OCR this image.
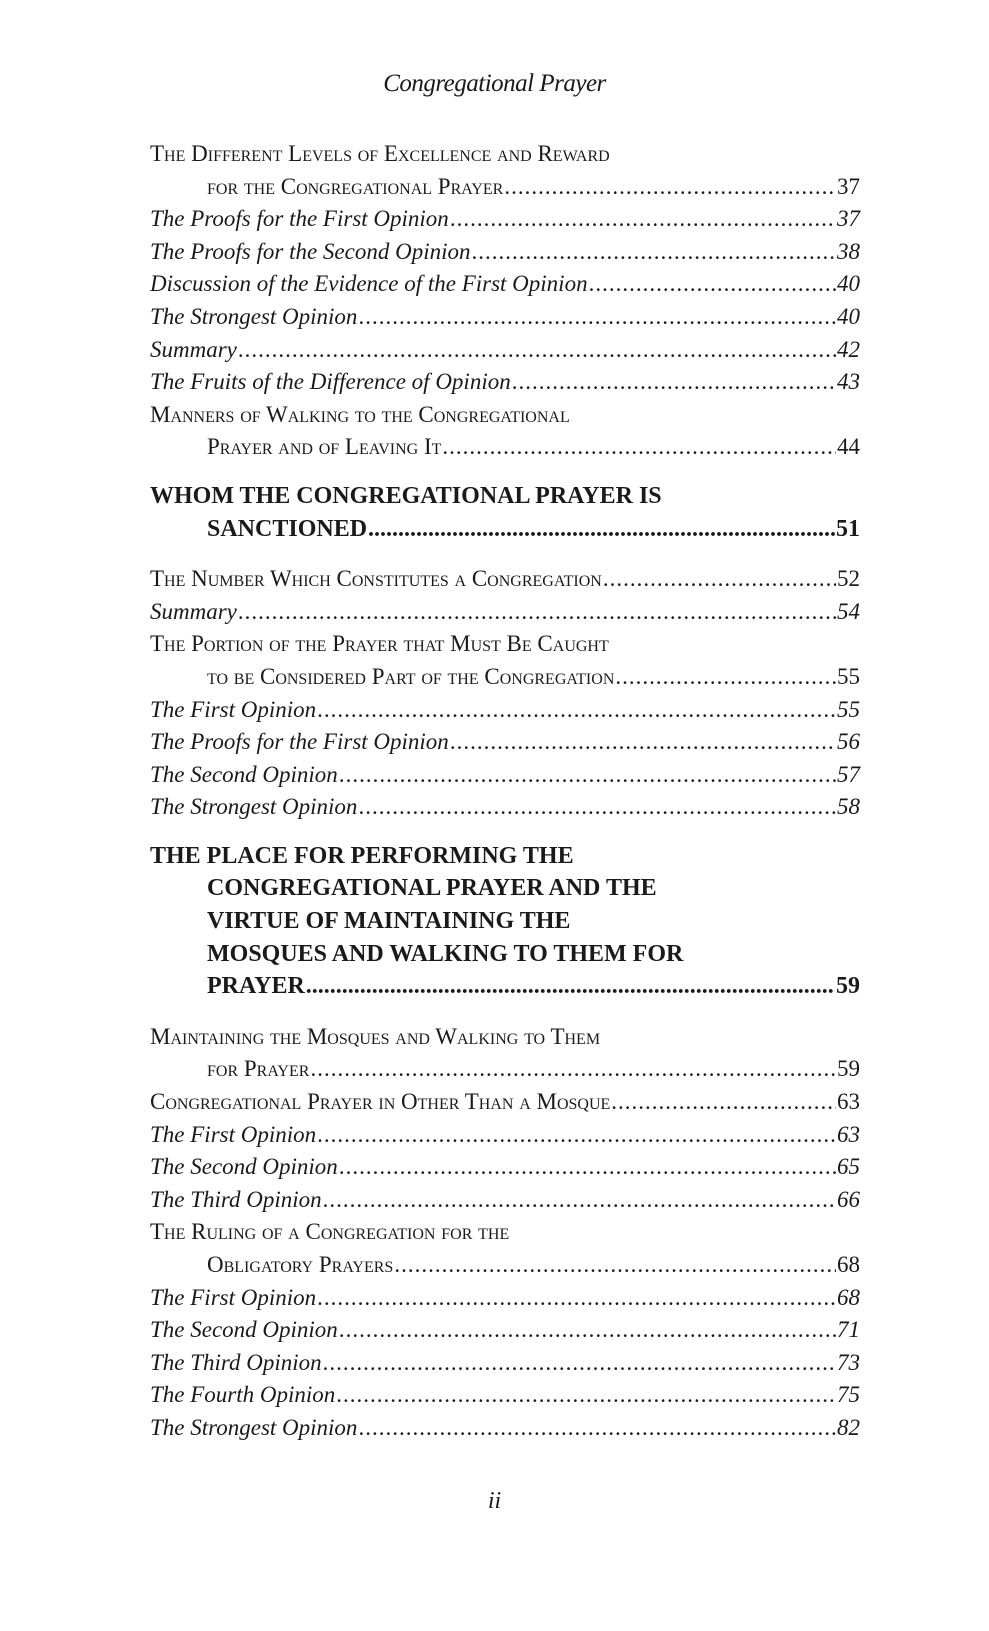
Congregational Prayer
The Different Levels of Excellence and Reward
for the Congregational Prayer .....	37
The Proofs for the First Opinion .....	37
The Proofs for the Second Opinion .....	38
Discussion of the Evidence of the First Opinion .....	40
The Strongest Opinion .....	40
Summary .....	42
The Fruits of the Difference of Opinion .....	43
Manners of Walking to the Congregational
Prayer and of Leaving It .....	44
WHOM THE CONGREGATIONAL PRAYER IS
SANCTIONED .....	51
The Number Which Constitutes a Congregation .....	52
Summary .....	54
The Portion of the Prayer that Must Be Caught
to be Considered Part of the Congregation .....	55
The First Opinion .....	55
The Proofs for the First Opinion .....	56
The Second Opinion .....	57
The Strongest Opinion .....	58
THE PLACE FOR PERFORMING THE
CONGREGATIONAL PRAYER AND THE
VIRTUE OF MAINTAINING THE
MOSQUES AND WALKING TO THEM FOR
PRAYER .....	59
Maintaining the Mosques and Walking to Them
for Prayer .....	59
Congregational Prayer in Other Than a Mosque .....	63
The First Opinion .....	63
The Second Opinion .....	65
The Third Opinion .....	66
The Ruling of a Congregation for the
Obligatory Prayers .....	68
The First Opinion .....	68
The Second Opinion .....	71
The Third Opinion .....	73
The Fourth Opinion .....	75
The Strongest Opinion .....	82
ii
